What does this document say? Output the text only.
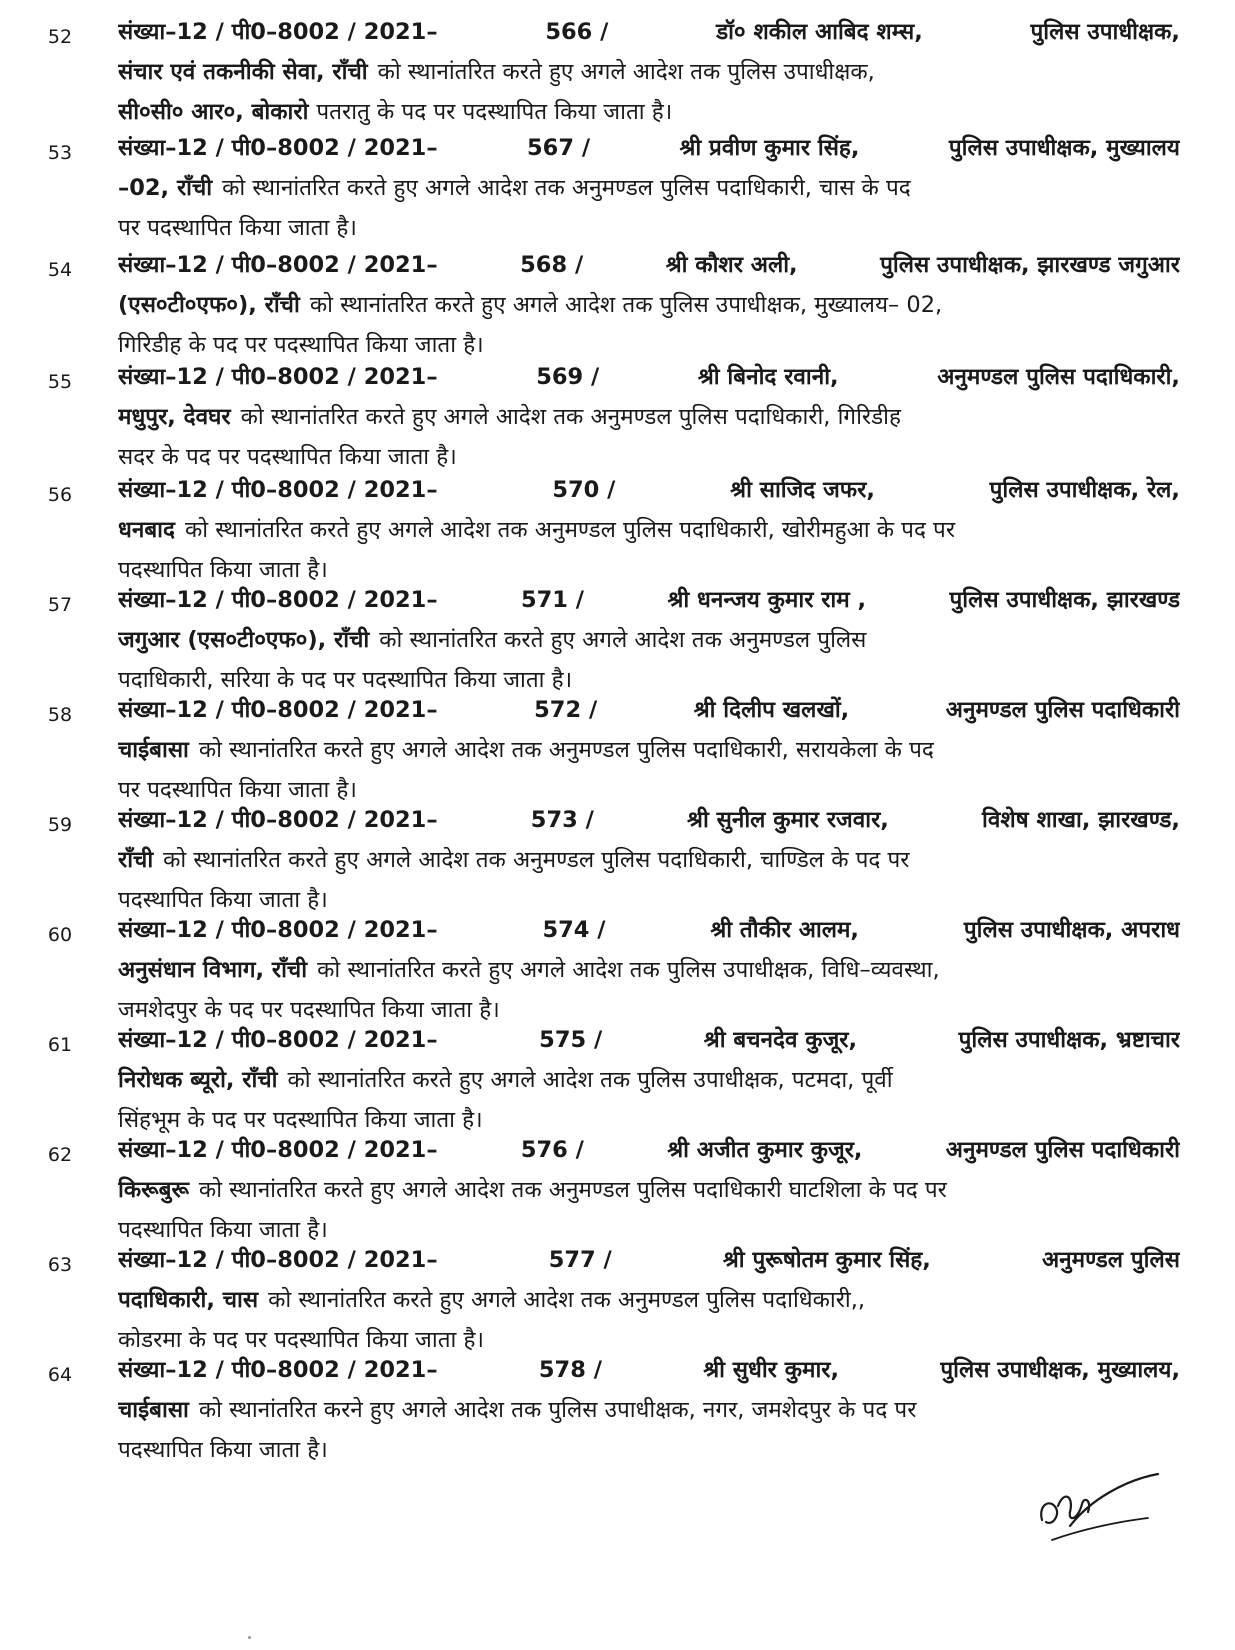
52	संख्या–12 / पी0–8002 / 2021–	566 /	डॉ० शकील आबिद शम्स,	पुलिस उपाधीक्षक,
संचार एवं तकनीकी सेवा, राँची को स्थानांतरित करते हुए अगले आदेश तक पुलिस उपाधीक्षक,
सी०सी० आर०, बोकारो पतरातु के पद पर पदस्थापित किया जाता है।
53	संख्या–12 / पी0–8002 / 2021–	567 /	श्री प्रवीण कुमार सिंह,	पुलिस उपाधीक्षक, मुख्यालय
–02, राँची को स्थानांतरित करते हुए अगले आदेश तक अनुमण्डल पुलिस पदाधिकारी, चास के पद
पर पदस्थापित किया जाता है।
54	संख्या–12 / पी0–8002 / 2021–	568 /	श्री कौशर अली,	पुलिस उपाधीक्षक, झारखण्ड जगुआर
(एस०टी०एफ०), राँची को स्थानांतरित करते हुए अगले आदेश तक पुलिस उपाधीक्षक, मुख्यालय– 02,
गिरिडीह के पद पर पदस्थापित किया जाता है।
55	संख्या–12 / पी0–8002 / 2021–	569 /	श्री बिनोद रवानी,	अनुमण्डल पुलिस पदाधिकारी,
मधुपुर, देवघर को स्थानांतरित करते हुए अगले आदेश तक अनुमण्डल पुलिस पदाधिकारी, गिरिडीह
सदर के पद पर पदस्थापित किया जाता है।
56	संख्या–12 / पी0–8002 / 2021–	570 /	श्री साजिद जफर,	पुलिस उपाधीक्षक, रेल,
धनबाद को स्थानांतरित करते हुए अगले आदेश तक अनुमण्डल पुलिस पदाधिकारी, खोरीमहुआ के पद पर
पदस्थापित किया जाता है।
57	संख्या–12 / पी0–8002 / 2021–	571 /	श्री धनन्जय कुमार राम ,	पुलिस उपाधीक्षक, झारखण्ड
जगुआर (एस०टी०एफ०), राँची को स्थानांतरित करते हुए अगले आदेश तक अनुमण्डल पुलिस
पदाधिकारी, सरिया के पद पर पदस्थापित किया जाता है।
58	संख्या–12 / पी0–8002 / 2021–	572 /	श्री दिलीप खलखों,	अनुमण्डल पुलिस पदाधिकारी
चाईबासा को स्थानांतरित करते हुए अगले आदेश तक अनुमण्डल पुलिस पदाधिकारी, सरायकेला के पद
पर पदस्थापित किया जाता है।
59	संख्या–12 / पी0–8002 / 2021–	573 /	श्री सुनील कुमार रजवार,	विशेष शाखा, झारखण्ड,
राँची को स्थानांतरित करते हुए अगले आदेश तक अनुमण्डल पुलिस पदाधिकारी, चाण्डिल के पद पर
पदस्थापित किया जाता है।
60	संख्या–12 / पी0–8002 / 2021–	574 /	श्री तौकीर आलम,	पुलिस उपाधीक्षक, अपराध
अनुसंधान विभाग, राँची को स्थानांतरित करते हुए अगले आदेश तक पुलिस उपाधीक्षक, विधि–व्यवस्था,
जमशेदपुर के पद पर पदस्थापित किया जाता है।
61	संख्या–12 / पी0–8002 / 2021–	575 /	श्री बचनदेव कुजूर,	पुलिस उपाधीक्षक, भ्रष्टाचार
निरोधक ब्यूरो, राँची को स्थानांतरित करते हुए अगले आदेश तक पुलिस उपाधीक्षक, पटमदा, पूर्वी
सिंहभूम के पद पर पदस्थापित किया जाता है।
62	संख्या–12 / पी0–8002 / 2021–	576 /	श्री अजीत कुमार कुजूर,	अनुमण्डल पुलिस पदाधिकारी
किरूबुरू को स्थानांतरित करते हुए अगले आदेश तक अनुमण्डल पुलिस पदाधिकारी घाटशिला के पद पर
पदस्थापित किया जाता है।
63	संख्या–12 / पी0–8002 / 2021–	577 /	श्री पुरूषोतम कुमार सिंह,	अनुमण्डल पुलिस
पदाधिकारी, चास को स्थानांतरित करते हुए अगले आदेश तक अनुमण्डल पुलिस पदाधिकारी,,
कोडरमा के पद पर पदस्थापित किया जाता है।
64	संख्या–12 / पी0–8002 / 2021–	578 /	श्री सुधीर कुमार,	पुलिस उपाधीक्षक, मुख्यालय,
चाईबासा को स्थानांतरित करने हुए अगले आदेश तक पुलिस उपाधीक्षक, नगर, जमशेदपुर के पद पर
पदस्थापित किया जाता है।
